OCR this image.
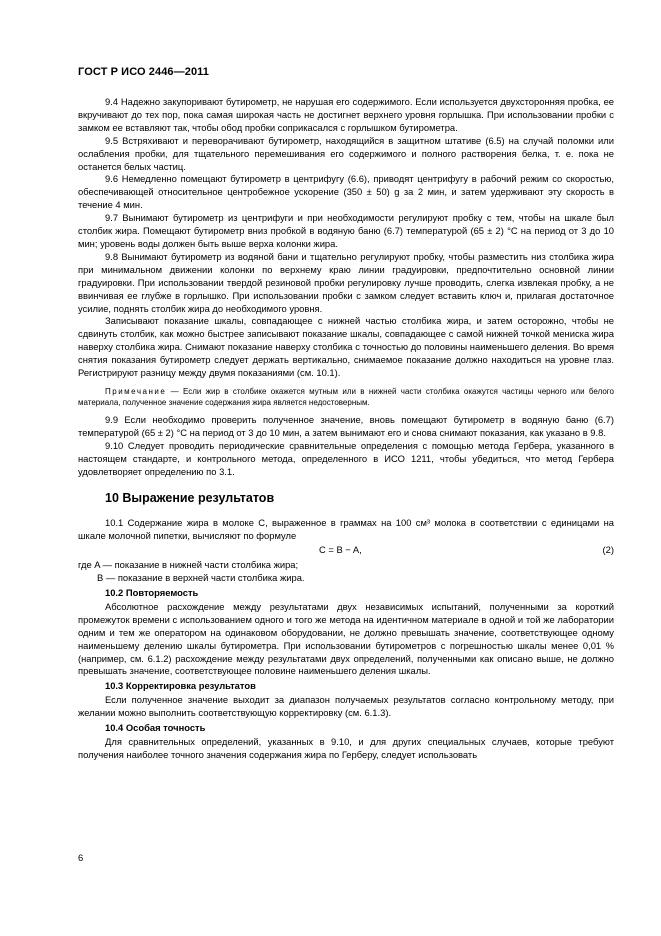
ГОСТ Р ИСО 2446—2011

9.4 Надежно закупоривают бутирометр, не нарушая его содержимого. Если используется двухсторонняя пробка, ее вкручивают до тех пор, пока самая широкая часть не достигнет верхнего уровня горлышка. При использовании пробки с замком ее вставляют так, чтобы обод пробки соприкасался с горлышком бутирометра.

9.5 Встряхивают и переворачивают бутирометр, находящийся в защитном штативе (6.5) на случай поломки или ослабления пробки, для тщательного перемешивания его содержимого и полного растворения белка, т. е. пока не останется белых частиц.

9.6 Немедленно помещают бутирометр в центрифугу (6.6), приводят центрифугу в рабочий режим со скоростью, обеспечивающей относительное центробежное ускорение (350 ± 50) g за 2 мин, и затем удерживают эту скорость в течение 4 мин.

9.7 Вынимают бутирометр из центрифуги и при необходимости регулируют пробку с тем, чтобы на шкале был столбик жира. Помещают бутирометр вниз пробкой в водяную баню (6.7) температурой (65 ± 2) °С на период от 3 до 10 мин; уровень воды должен быть выше верха колонки жира.

9.8 Вынимают бутирометр из водяной бани и тщательно регулируют пробку, чтобы разместить низ столбика жира при минимальном движении колонки по верхнему краю линии градуировки, предпочтительно основной линии градуировки. При использовании твердой резиновой пробки регулировку лучше проводить, слегка извлекая пробку, а не ввинчивая ее глубже в горлышко. При использовании пробки с замком следует вставить ключ и, прилагая достаточное усилие, поднять столбик жира до необходимого уровня.

Записывают показание шкалы, совпадающее с нижней частью столбика жира, и затем осторожно, чтобы не сдвинуть столбик, как можно быстрее записывают показание шкалы, совпадающее с самой нижней точкой мениска жира наверху столбика жира. Снимают показание наверху столбика с точностью до половины наименьшего деления. Во время снятия показания бутирометр следует держать вертикально, снимаемое показание должно находиться на уровне глаз. Регистрируют разницу между двумя показаниями (см. 10.1).

Примечание — Если жир в столбике окажется мутным или в нижней части столбика окажутся частицы черного или белого материала, полученное значение содержания жира является недостоверным.

9.9 Если необходимо проверить полученное значение, вновь помещают бутирометр в водяную баню (6.7) температурой (65 ± 2) °С на период от 3 до 10 мин, а затем вынимают его и снова снимают показания, как указано в 9.8.

9.10 Следует проводить периодические сравнительные определения с помощью метода Гербера, указанного в настоящем стандарте, и контрольного метода, определенного в ИСО 1211, чтобы убедиться, что метод Гербера удовлетворяет определению по 3.1.

10 Выражение результатов

10.1 Содержание жира в молоке C, выраженное в граммах на 100 см³ молока в соответствии с единицами на шкале молочной пипетки, вычисляют по формуле

C = B − A,	(2)

где A — показание в нижней части столбика жира;

B — показание в верхней части столбика жира.

10.2 Повторяемость

Абсолютное расхождение между результатами двух независимых испытаний, полученными за короткий промежуток времени с использованием одного и того же метода на идентичном материале в одной и той же лаборатории одним и тем же оператором на одинаковом оборудовании, не должно превышать значение, соответствующее одному наименьшему делению шкалы бутирометра. При использовании бутирометров с погрешностью шкалы менее 0,01 % (например, см. 6.1.2) расхождение между результатами двух определений, полученными как описано выше, не должно превышать значение, соответствующее половине наименьшего деления шкалы.

10.3 Корректировка результатов

Если полученное значение выходит за диапазон получаемых результатов согласно контрольному методу, при желании можно выполнить соответствующую корректировку (см. 6.1.3).

10.4 Особая точность

Для сравнительных определений, указанных в 9.10, и для других специальных случаев, которые требуют получения наиболее точного значения содержания жира по Герберу, следует использовать

6
